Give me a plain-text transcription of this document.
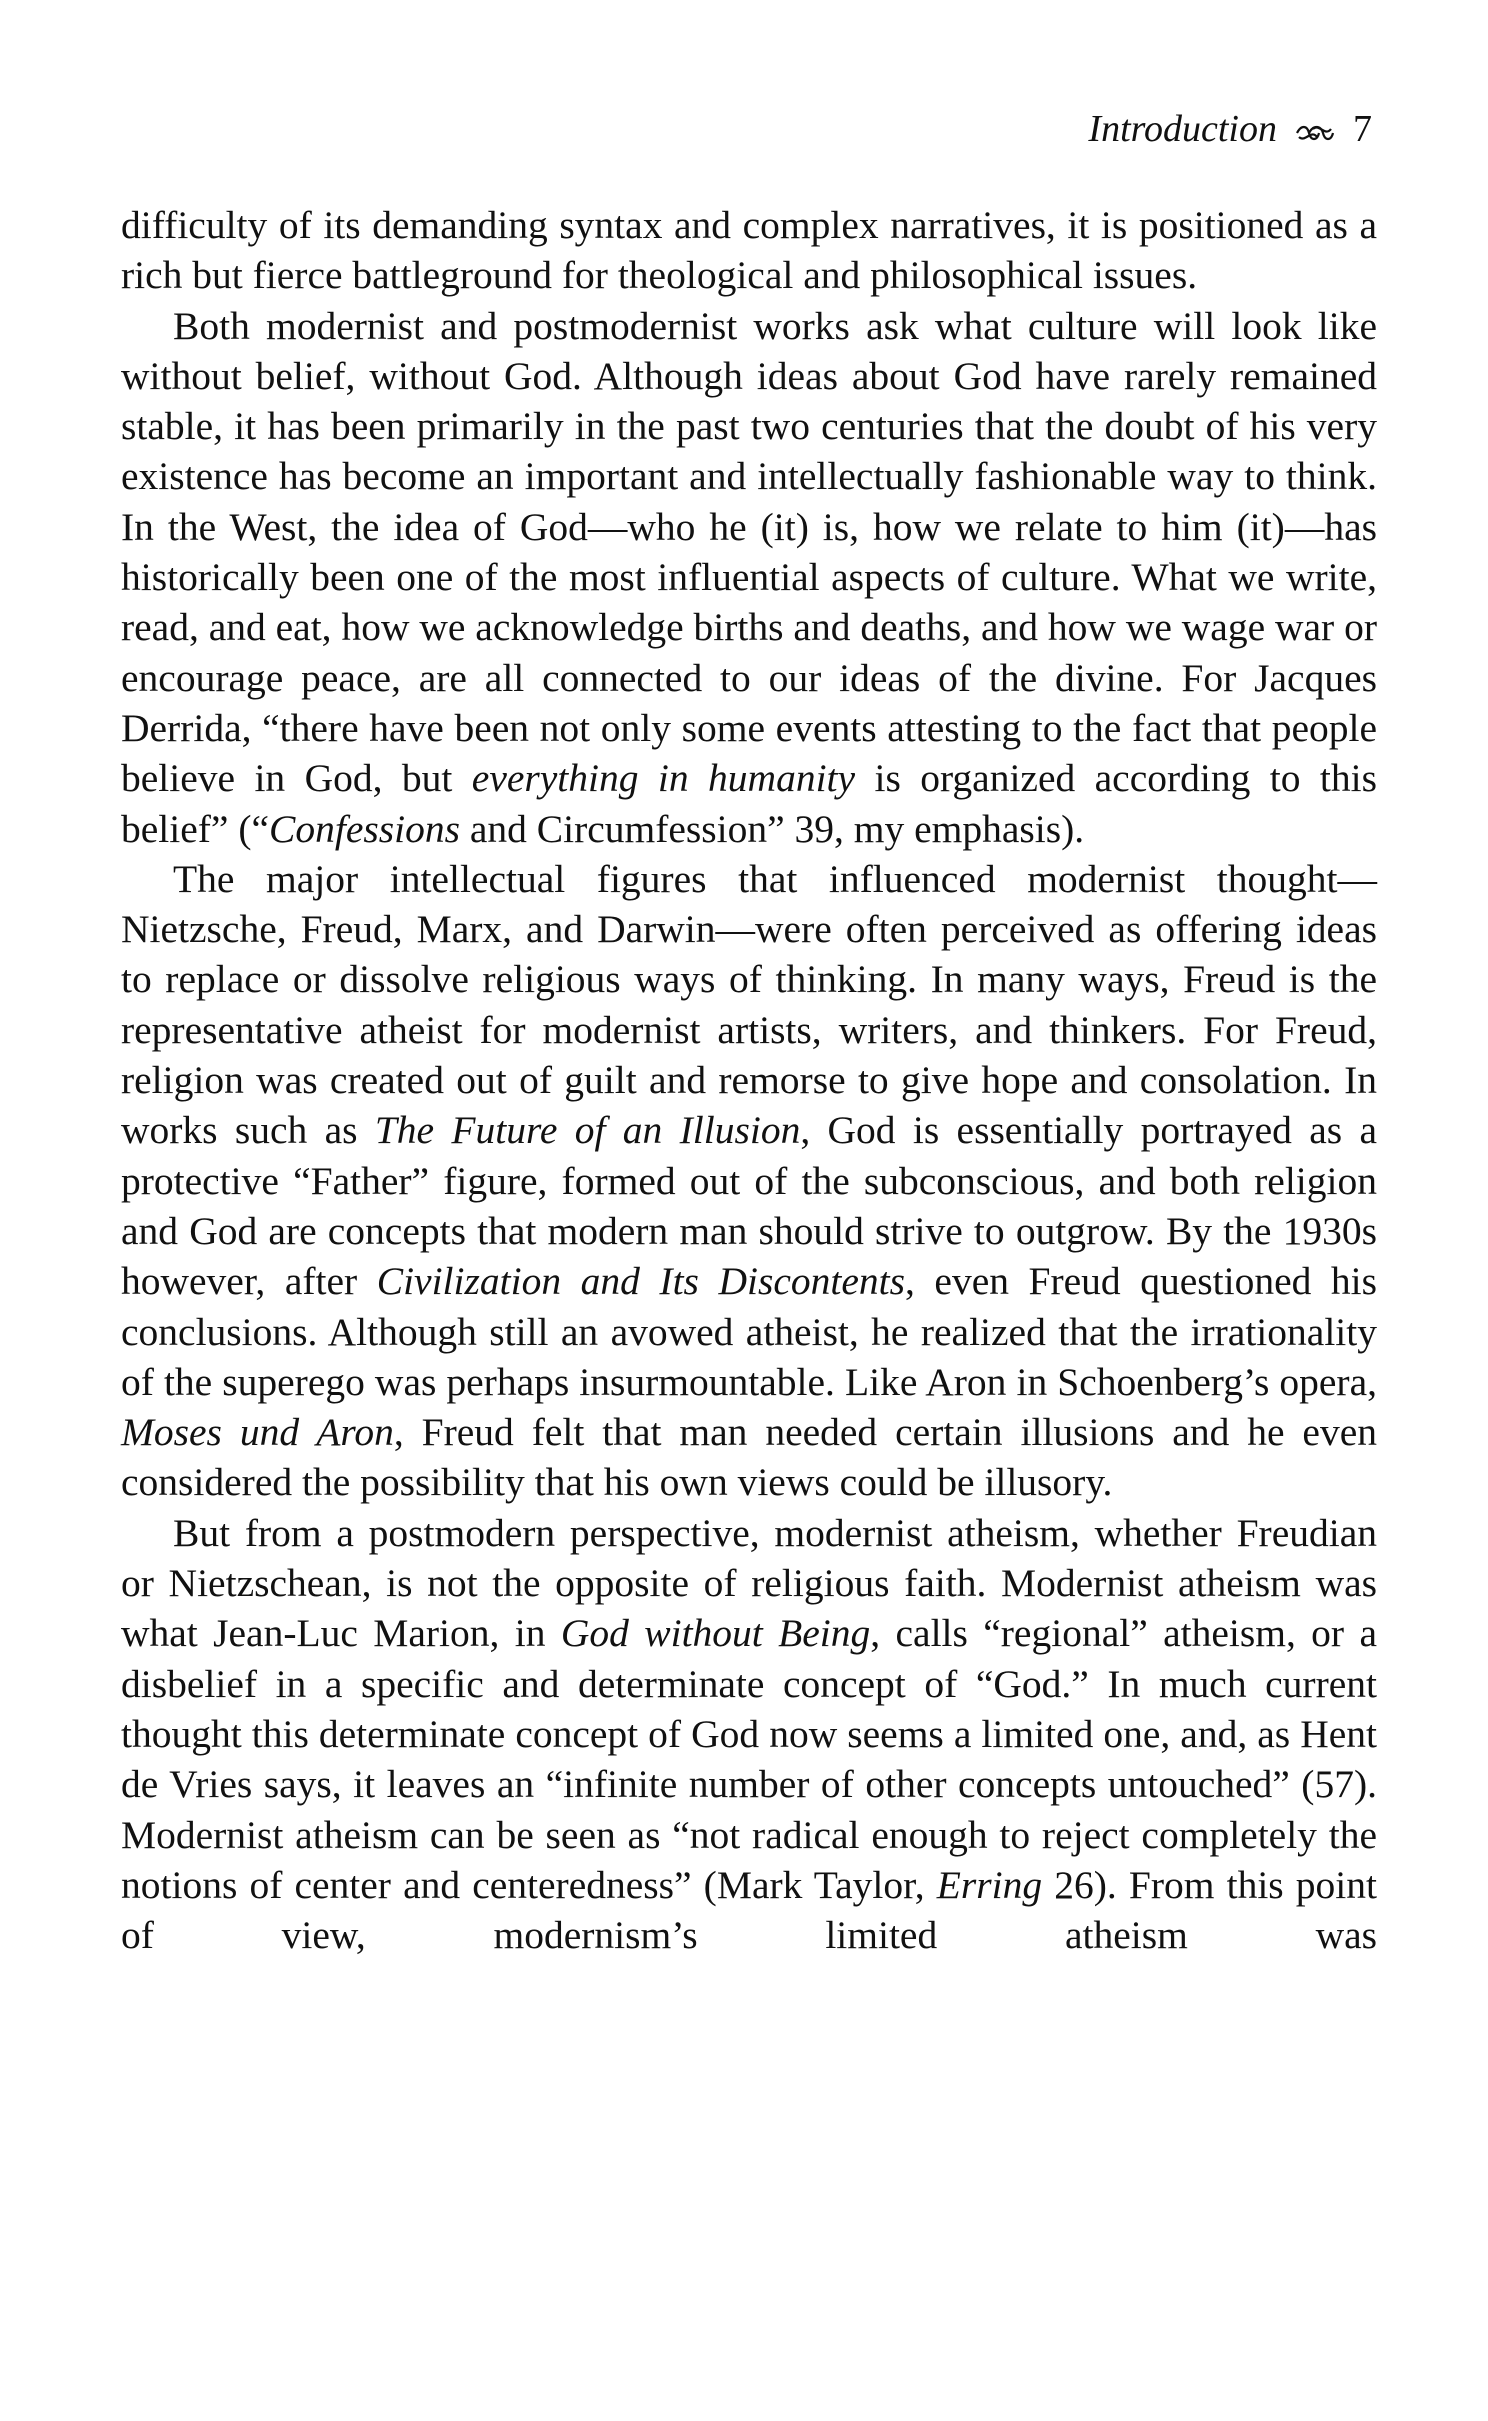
Introduction 7

difficulty of its demanding syntax and complex narratives, it is positioned as a rich but fierce battleground for theological and philosophical issues.

Both modernist and postmodernist works ask what culture will look like without belief, without God. Although ideas about God have rarely remained stable, it has been primarily in the past two centuries that the doubt of his very existence has become an important and intellectually fashionable way to think. In the West, the idea of God—who he (it) is, how we relate to him (it)—has historically been one of the most influential aspects of culture. What we write, read, and eat, how we acknowledge births and deaths, and how we wage war or encourage peace, are all connected to our ideas of the divine. For Jacques Derrida, “there have been not only some events attesting to the fact that people believe in God, but everything in humanity is organized according to this belief” (“Confessions and Circumfession” 39, my emphasis).

The major intellectual figures that influenced modernist thought—Nietzsche, Freud, Marx, and Darwin—were often perceived as offering ideas to replace or dissolve religious ways of thinking. In many ways, Freud is the representative atheist for modernist artists, writers, and thinkers. For Freud, religion was created out of guilt and remorse to give hope and consolation. In works such as The Future of an Illusion, God is essentially portrayed as a protective “Father” figure, formed out of the subconscious, and both religion and God are concepts that modern man should strive to outgrow. By the 1930s however, after Civilization and Its Discontents, even Freud questioned his conclusions. Although still an avowed atheist, he realized that the irrationality of the superego was perhaps insurmountable. Like Aron in Schoenberg’s opera, Moses und Aron, Freud felt that man needed certain illusions and he even considered the possibility that his own views could be illusory.

But from a postmodern perspective, modernist atheism, whether Freudian or Nietzschean, is not the opposite of religious faith. Modernist atheism was what Jean-Luc Marion, in God without Being, calls “regional” atheism, or a disbelief in a specific and determinate concept of “God.” In much current thought this determinate concept of God now seems a limited one, and, as Hent de Vries says, it leaves an “infinite number of other concepts untouched” (57). Modernist atheism can be seen as “not radical enough to reject completely the notions of center and centeredness” (Mark Taylor, Erring 26). From this point of view, modernism’s limited atheism was
